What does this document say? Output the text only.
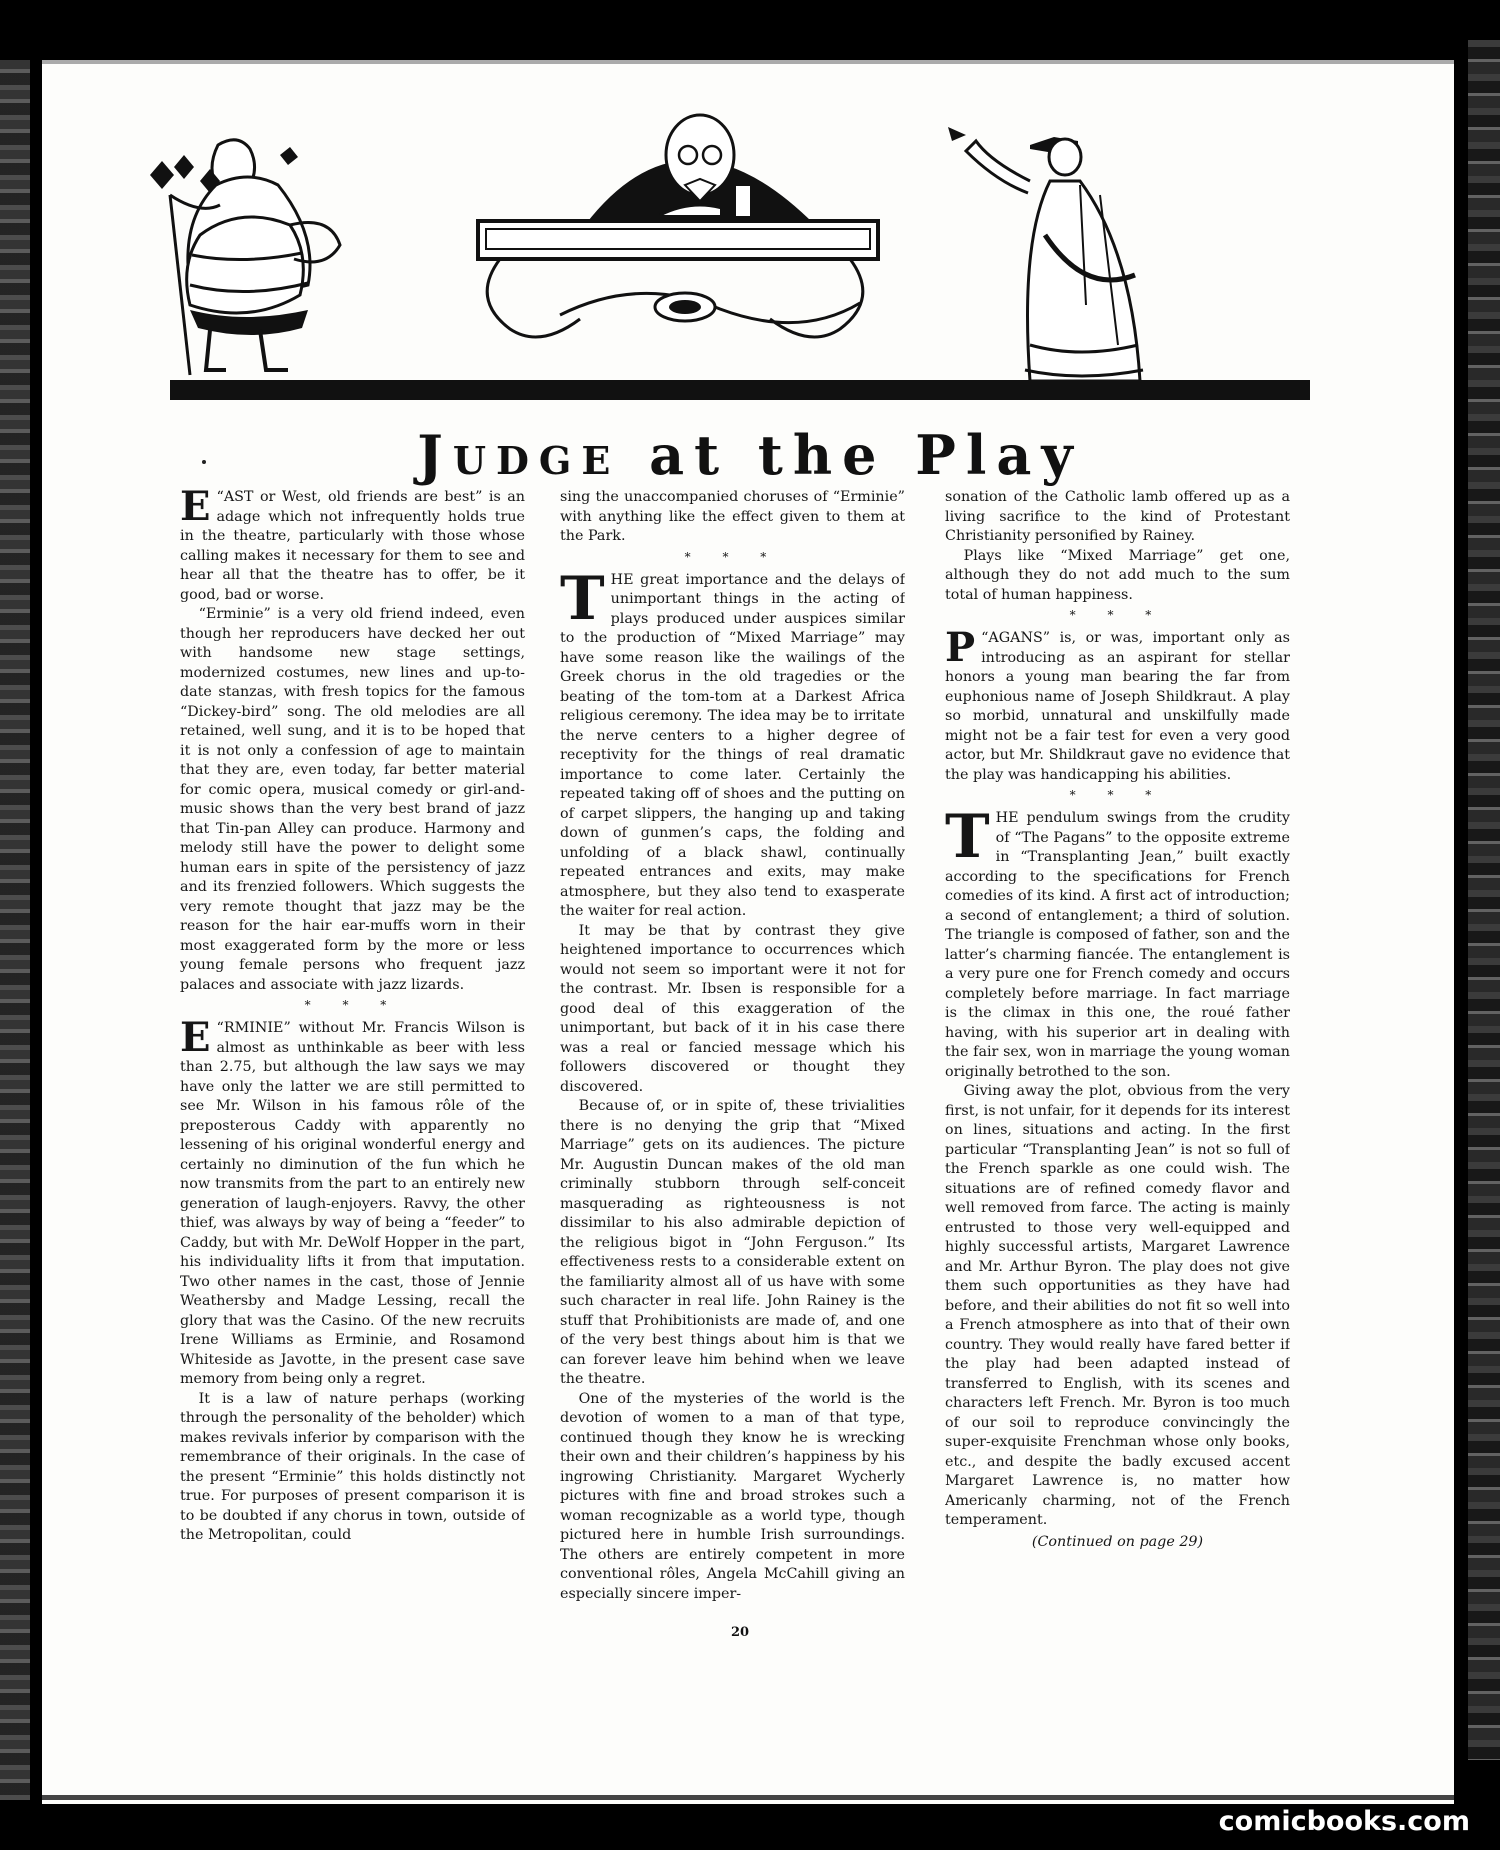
Judge at the Play

“
E AST or West, old friends are best” is an adage which not infrequently holds true in the theatre, particularly with those whose calling makes it necessary for them to see and hear all that the theatre has to offer, be it good, bad or worse.

“Erminie” is a very old friend indeed, even though her reproducers have decked her out with handsome new stage settings, modernized costumes, new lines and up-to-date stanzas, with fresh topics for the famous “Dickey-bird” song. The old melodies are all retained, well sung, and it is to be hoped that it is not only a confession of age to maintain that they are, even today, far better material for comic opera, musical comedy or girl-and-music shows than the very best brand of jazz that Tin-pan Alley can produce. Harmony and melody still have the power to delight some human ears in spite of the persistency of jazz and its frenzied followers. Which suggests the very remote thought that jazz may be the reason for the hair ear-muffs worn in their most exaggerated form by the more or less young female persons who frequent jazz palaces and associate with jazz lizards.

* * *

“
E RMINIE” without Mr. Francis Wilson is almost as unthinkable as beer with less than 2.75, but although the law says we may have only the latter we are still permitted to see Mr. Wilson in his famous rôle of the preposterous Caddy with apparently no lessening of his original wonderful energy and certainly no diminution of the fun which he now transmits from the part to an entirely new generation of laugh-enjoyers. Ravvy, the other thief, was always by way of being a “feeder” to Caddy, but with Mr. DeWolf Hopper in the part, his individuality lifts it from that imputation. Two other names in the cast, those of Jennie Weathersby and Madge Lessing, recall the glory that was the Casino. Of the new recruits Irene Williams as Erminie, and Rosamond Whiteside as Javotte, in the present case save memory from being only a regret.

It is a law of nature perhaps (working through the personality of the beholder) which makes revivals inferior by comparison with the remembrance of their originals. In the case of the present “Erminie” this holds distinctly not true. For purposes of present comparison it is to be doubted if any chorus in town, outside of the Metropolitan, could

sing the unaccompanied choruses of “Erminie” with anything like the effect given to them at the Park.

* * *

THE great importance and the delays of unimportant things in the acting of plays produced under auspices similar to the production of “Mixed Marriage” may have some reason like the wailings of the Greek chorus in the old tragedies or the beating of the tom-tom at a Darkest Africa religious ceremony. The idea may be to irritate the nerve centers to a higher degree of receptivity for the things of real dramatic importance to come later. Certainly the repeated taking off of shoes and the putting on of carpet slippers, the hanging up and taking down of gunmen’s caps, the folding and unfolding of a black shawl, continually repeated entrances and exits, may make atmosphere, but they also tend to exasperate the waiter for real action.

It may be that by contrast they give heightened importance to occurrences which would not seem so important were it not for the contrast. Mr. Ibsen is responsible for a good deal of this exaggeration of the unimportant, but back of it in his case there was a real or fancied message which his followers discovered or thought they discovered.

Because of, or in spite of, these trivialities there is no denying the grip that “Mixed Marriage” gets on its audiences. The picture Mr. Augustin Duncan makes of the old man criminally stubborn through self-conceit masquerading as righteousness is not dissimilar to his also admirable depiction of the religious bigot in “John Ferguson.” Its effectiveness rests to a considerable extent on the familiarity almost all of us have with some such character in real life. John Rainey is the stuff that Prohibitionists are made of, and one of the very best things about him is that we can forever leave him behind when we leave the theatre.

One of the mysteries of the world is the devotion of women to a man of that type, continued though they know he is wrecking their own and their children’s happiness by his ingrowing Christianity. Margaret Wycherly pictures with fine and broad strokes such a woman recognizable as a world type, though pictured here in humble Irish surroundings. The others are entirely competent in more conventional rôles, Angela McCahill giving an especially sincere imper-

sonation of the Catholic lamb offered up as a living sacrifice to the kind of Protestant Christianity personified by Rainey.

Plays like “Mixed Marriage” get one, although they do not add much to the sum total of human happiness.

* * *

“
P AGANS” is, or was, important only as introducing as an aspirant for stellar honors a young man bearing the far from euphonious name of Joseph Shildkraut. A play so morbid, unnatural and unskilfully made might not be a fair test for even a very good actor, but Mr. Shildkraut gave no evidence that the play was handicapping his abilities.

* * *

THE pendulum swings from the crudity of “The Pagans” to the opposite extreme in “Transplanting Jean,” built exactly according to the specifications for French comedies of its kind. A first act of introduction; a second of entanglement; a third of solution. The triangle is composed of father, son and the latter’s charming fiancée. The entanglement is a very pure one for French comedy and occurs completely before marriage. In fact marriage is the climax in this one, the roué father having, with his superior art in dealing with the fair sex, won in marriage the young woman originally betrothed to the son.

Giving away the plot, obvious from the very first, is not unfair, for it depends for its interest on lines, situations and acting. In the first particular “Transplanting Jean” is not so full of the French sparkle as one could wish. The situations are of refined comedy flavor and well removed from farce. The acting is mainly entrusted to those very well-equipped and highly successful artists, Margaret Lawrence and Mr. Arthur Byron. The play does not give them such opportunities as they have had before, and their abilities do not fit so well into a French atmosphere as into that of their own country. They would really have fared better if the play had been adapted instead of transferred to English, with its scenes and characters left French. Mr. Byron is too much of our soil to reproduce convincingly the super-exquisite Frenchman whose only books, etc., and despite the badly excused accent Margaret Lawrence is, no matter how Americanly charming, not of the French temperament.

(Continued on page 29)
20
comicbooks.com
